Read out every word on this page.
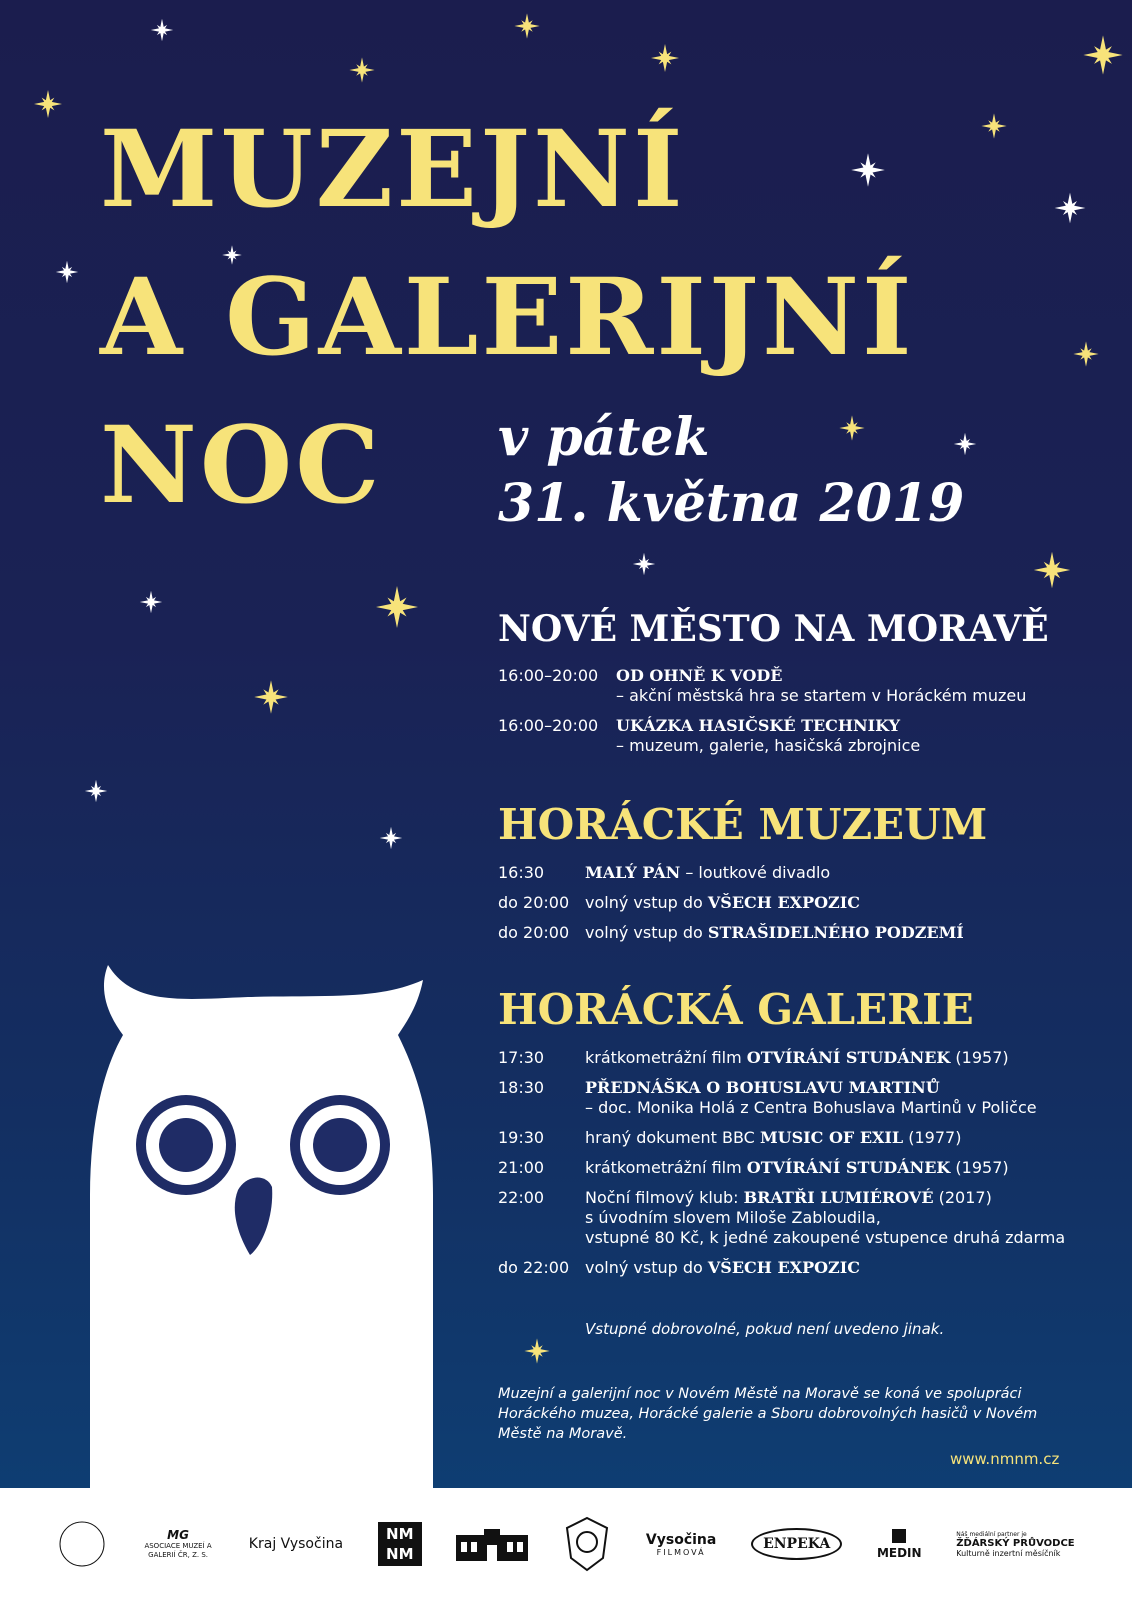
MUZEJNÍ
A GALERIJNÍ
NOC	v pátek
31. května 2019
NOVÉ MĚSTO NA MORAVĚ
16:00–20:00	OD OHNĚ K VODĚ
– akční městská hra se startem v Horáckém muzeu
16:00–20:00	UKÁZKA HASIČSKÉ TECHNIKY
– muzeum, galerie, hasičská zbrojnice
HORÁCKÉ MUZEUM
16:30	MALÝ PÁN – loutkové divadlo
do 20:00 volný vstup do VŠECH EXPOZIC
do 20:00 volný vstup do STRAŠIDELNÉHO PODZEMÍ
HORÁCKÁ GALERIE
17:30	krátkometrážní film OTVÍRÁNÍ STUDÁNEK (1957)
18:30	PŘEDNÁŠKA O BOHUSLAVU MARTINŮ
– doc. Monika Holá z Centra Bohuslava Martinů v Poličce
19:30	hraný dokument BBC MUSIC OF EXIL (1977)
21:00	krátkometrážní film OTVÍRÁNÍ STUDÁNEK (1957)
22:00	Noční filmový klub: BRATŘI LUMIÉROVÉ (2017)
s úvodním slovem Miloše Zabloudila,
vstupné 80 Kč, k jedné zakoupené vstupence druhá zdarma
do 22:00 volný vstup do VŠECH EXPOZIC
Vstupné dobrovolné, pokud není uvedeno jinak.
Muzejní a galerijní noc v Novém Městě na Moravě se koná ve spolupráci Horáckého muzea, Horácké galerie a Sboru dobrovolných hasičů v Novém Městě na Moravě.
www.nmnm.cz
MG
ASOCIACE MUZEÍ A GALERIÍ ČR, Z. S.
Kraj Vysočina
NM NM
Vysočina
FILMOVÁ	ENPEKA
MEDIN
Náš mediální partner je
ŽĎÁRSKÝ PRŮVODCE
Kulturně inzertní měsíčník
